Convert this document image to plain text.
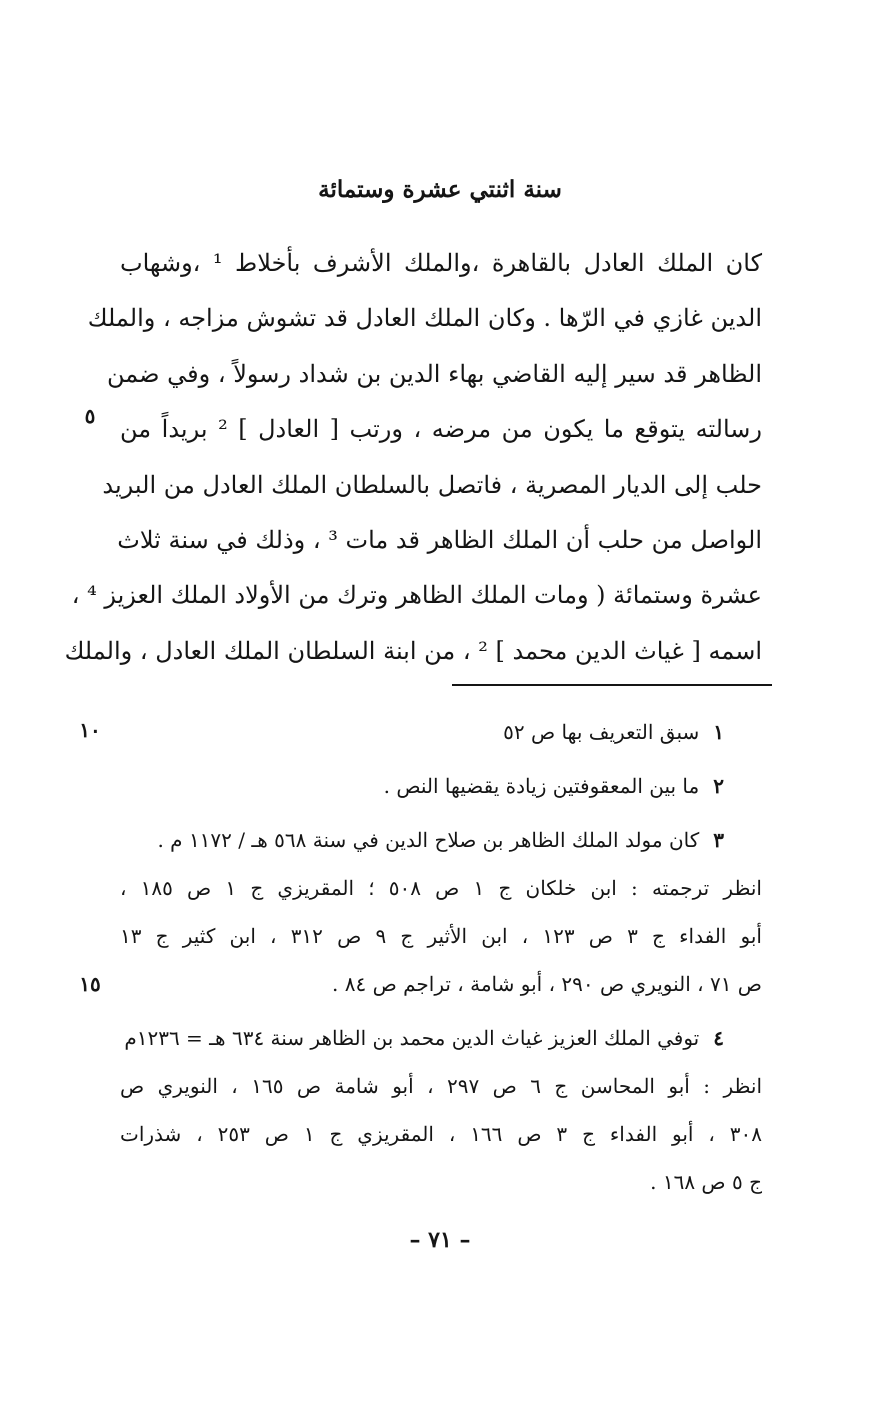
سنة اثنتي عشرة وستمائة
كان الملك العادل بالقاهرة ،والملك الأشرف بأخلاط ¹ ،وشهاب
الدين غازي في الرّها . وكان الملك العادل قد تشوش مزاجه ، والملك
الظاهر قد سير إليه القاضي بهاء الدين بن شداد رسولاً ، وفي ضمن
رسالته يتوقع ما يكون من مرضه ، ورتب [ العادل ] ² بريداً من
حلب إلى الديار المصرية ، فاتصل بالسلطان الملك العادل من البريد
الواصل من حلب أن الملك الظاهر قد مات ³ ، وذلك في سنة ثلاث
عشرة وستمائة ( ومات الملك الظاهر وترك من الأولاد الملك العزيز ⁴ ،
اسمه [ غياث الدين محمد ] ² ، من ابنة السلطان الملك العادل ، والملك
٥
١٠
١٥
١سبق التعريف بها ص ٥٢
٢ما بين المعقوفتين زيادة يقضيها النص .
٣كان مولد الملك الظاهر بن صلاح الدين في سنة ٥٦٨ هـ / ١١٧٢ م .
انظر ترجمته : ابن خلكان ج ١ ص ٥٠٨ ؛ المقريزي ج ١ ص ١٨٥ ،
أبو الفداء ج ٣ ص ١٢٣ ، ابن الأثير ج ٩ ص ٣١٢ ، ابن كثير ج ١٣
ص ٧١ ، النويري ص ٢٩٠ ، أبو شامة ، تراجم ص ٨٤ .
٤توفي الملك العزيز غياث الدين محمد بن الظاهر سنة ٦٣٤ هـ = ١٢٣٦م
انظر : أبو المحاسن ج ٦ ص ٢٩٧ ، أبو شامة ص ١٦٥ ، النويري ص
٣٠٨ ، أبو الفداء ج ٣ ص ١٦٦ ، المقريزي ج ١ ص ٢٥٣ ، شذرات
ج ٥ ص ١٦٨ .
– ٧١ –
